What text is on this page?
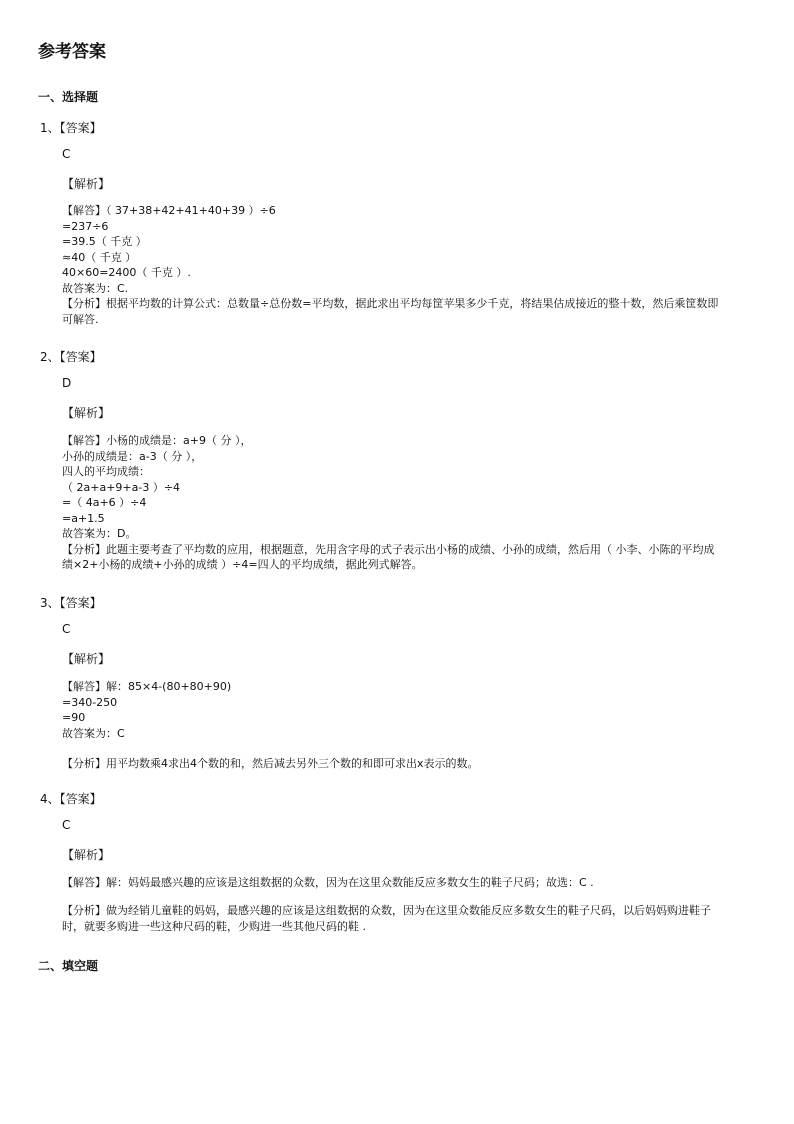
参考答案
一、选择题
1、【答案】
C
【解析】
【解答】（ 37+38+42+41+40+39 ）÷6
=237÷6
=39.5（ 千克 ）
≈40（ 千克 ）
40×60=2400（ 千克 ）.
故答案为：C.
【分析】根据平均数的计算公式：总数量÷总份数=平均数，据此求出平均每筐苹果多少千克，将结果估成接近的整十数，然后乘筐数即可解答.
2、【答案】
D
【解析】
【解答】小杨的成绩是：a+9（ 分 ），
小孙的成绩是：a-3（ 分 ），
四人的平均成绩：
（ 2a+a+9+a-3 ）÷4
=（ 4a+6 ）÷4
=a+1.5
故答案为：D。
【分析】此题主要考查了平均数的应用，根据题意，先用含字母的式子表示出小杨的成绩、小孙的成绩，然后用（ 小李、小陈的平均成绩×2+小杨的成绩+小孙的成绩 ）÷4=四人的平均成绩，据此列式解答。
3、【答案】
C
【解析】
【解答】解：85×4-(80+80+90)
=340-250
=90
故答案为：C
【分析】用平均数乘4求出4个数的和，然后减去另外三个数的和即可求出x表示的数。
4、【答案】
C
【解析】
【解答】解：妈妈最感兴趣的应该是这组数据的众数，因为在这里众数能反应多数女生的鞋子尺码；故选：C .
【分析】做为经销儿童鞋的妈妈，最感兴趣的应该是这组数据的众数，因为在这里众数能反应多数女生的鞋子尺码，以后妈妈购进鞋子时，就要多购进一些这种尺码的鞋，少购进一些其他尺码的鞋 .
二、填空题
